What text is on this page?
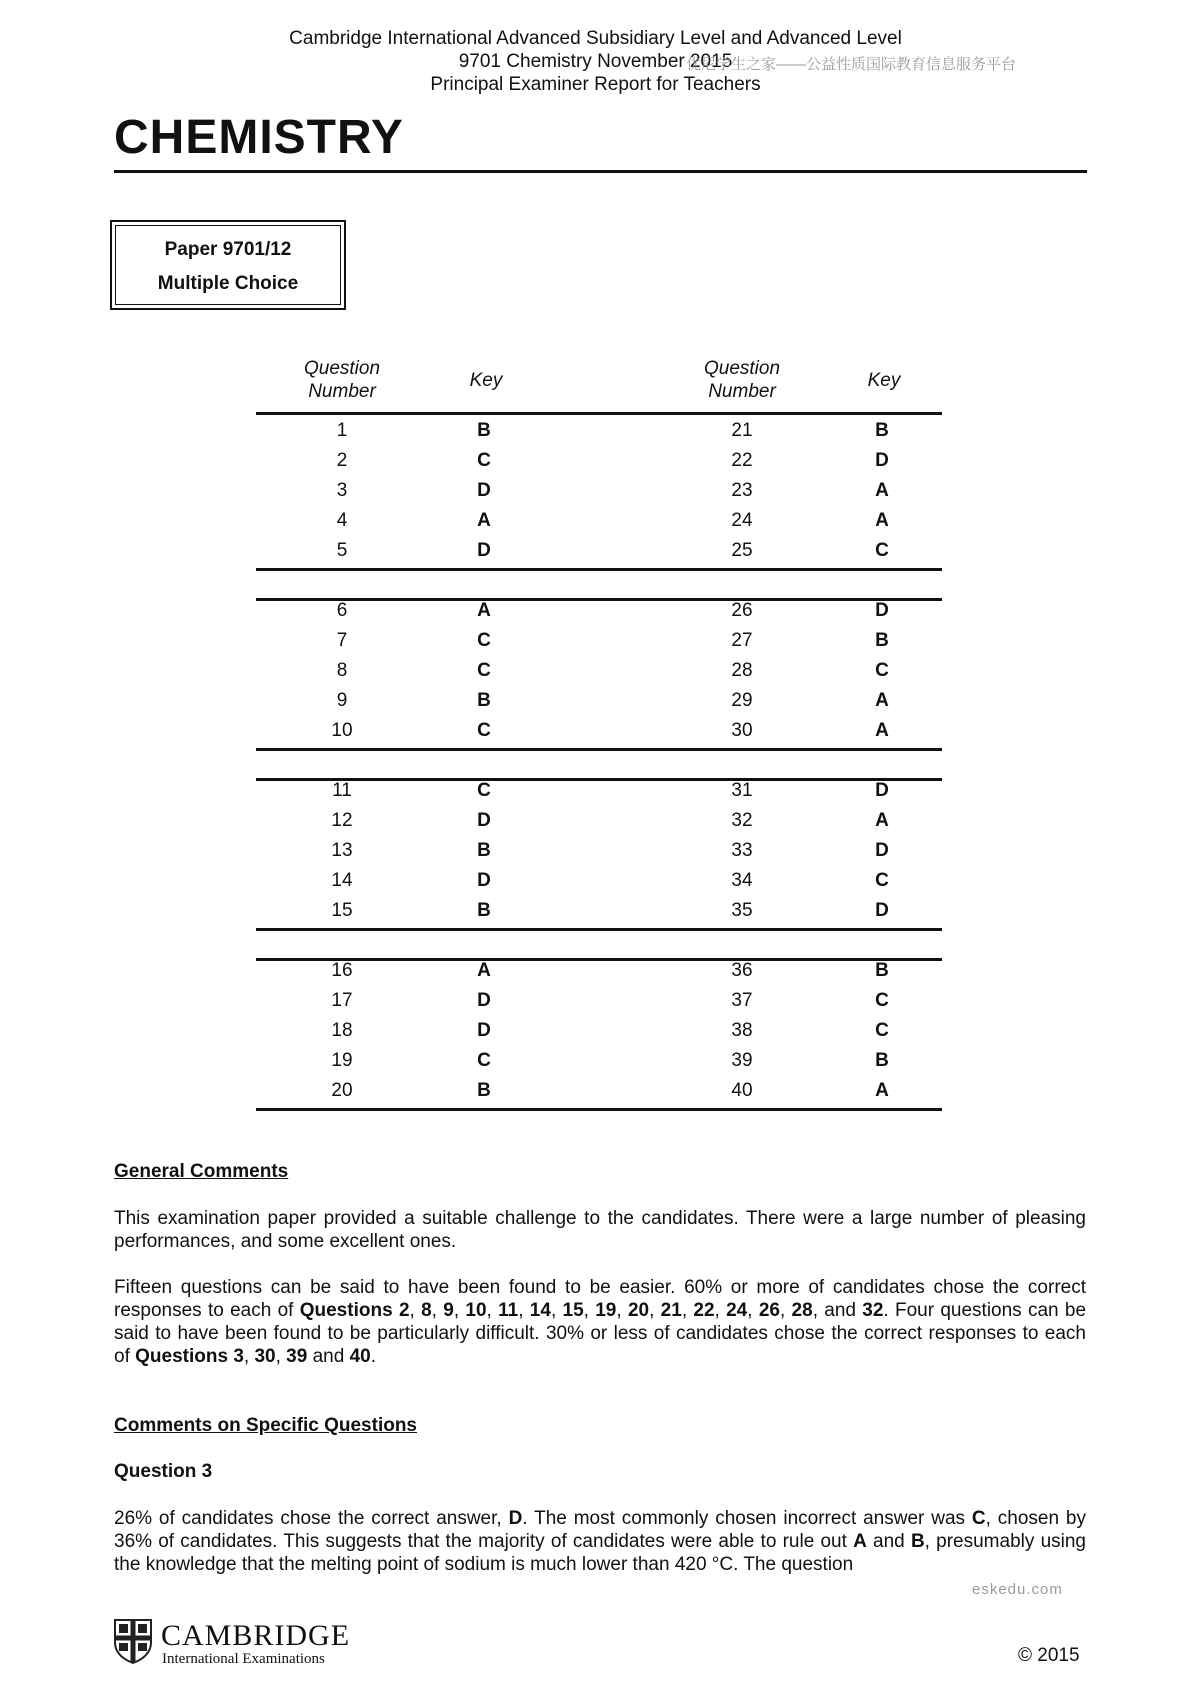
Cambridge International Advanced Subsidiary Level and Advanced Level
9701 Chemistry November 2015
Principal Examiner Report for Teachers
优尼学生之家——公益性质国际教育信息服务平台
CHEMISTRY
Paper 9701/12
Multiple Choice
Question
Number
Key
Question
Number
Key
1	B	21	B
2	C	22	D
3	D	23	A
4	A	24	A
5	D	25	C
6	A	26	D
7	C	27	B
8	C	28	C
9	B	29	A
10	C	30	A
11	C	31	D
12	D	32	A
13	B	33	D
14	D	34	C
15	B	35	D
16	A	36	B
17	D	37	C
18	D	38	C
19	C	39	B
20	B	40	A
General Comments
This examination paper provided a suitable challenge to the candidates. There were a large number of pleasing performances, and some excellent ones.
Fifteen questions can be said to have been found to be easier. 60% or more of candidates chose the correct responses to each of Questions 2, 8, 9, 10, 11, 14, 15, 19, 20, 21, 22, 24, 26, 28, and 32. Four questions can be said to have been found to be particularly difficult. 30% or less of candidates chose the correct responses to each of Questions 3, 30, 39 and 40.
Comments on Specific Questions
Question 3
26% of candidates chose the correct answer, D. The most commonly chosen incorrect answer was C, chosen by 36% of candidates. This suggests that the majority of candidates were able to rule out A and B, presumably using the knowledge that the melting point of sodium is much lower than 420 °C. The question
eskedu.com
CAMBRIDGE
International Examinations	© 2015
